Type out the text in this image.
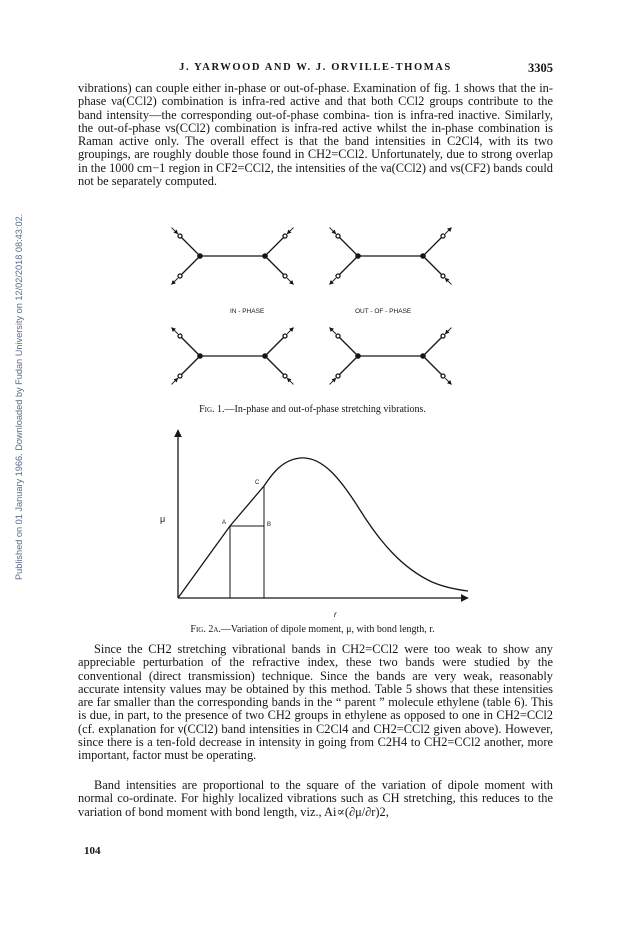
Published on 01 January 1966. Downloaded by Fudan University on 12/02/2018 08:43:02.
J. YARWOOD AND W. J. ORVILLE-THOMAS	3305

vibrations) can couple either in-phase or out-of-phase. Examination of fig. 1 shows that the in-phase νa(CCl2) combination is infra-red active and that both CCl2 groups contribute to the band intensity—the corresponding out-of-phase combina- tion is infra-red inactive. Similarly, the out-of-phase νs(CCl2) combination is infra-red active whilst the in-phase combination is Raman active only. The overall effect is that the band intensities in C2Cl4, with its two groupings, are roughly double those found in CH2=CCl2. Unfortunately, due to strong overlap in the 1000 cm−1 region in CF2=CCl2, the intensities of the νa(CCl2) and νs(CF2) bands could not be separately computed.

IN - PHASE	OUT - OF - PHASE
Fig. 1.—In-phase and out-of-phase stretching vibrations.
μ
r
A	B
C
Fig. 2a.—Variation of dipole moment, μ, with bond length, r.

Since the CH2 stretching vibrational bands in CH2=CCl2 were too weak to show any appreciable perturbation of the refractive index, these two bands were studied by the conventional (direct transmission) technique. Since the bands are very weak, reasonably accurate intensity values may be obtained by this method. Table 5 shows that these intensities are far smaller than the corresponding bands in the “ parent ” molecule ethylene (table 6). This is due, in part, to the presence of two CH2 groups in ethylene as opposed to one in CH2=CCl2 (cf. explanation for ν(CCl2) band intensities in C2Cl4 and CH2=CCl2 given above). However, since there is a ten-fold decrease in intensity in going from C2H4 to CH2=CCl2 another, more important, factor must be operating.

Band intensities are proportional to the square of the variation of dipole moment with normal co-ordinate. For highly localized vibrations such as CH stretching, this reduces to the variation of bond moment with bond length, viz., Ai∝(∂μ/∂r)2,

104
